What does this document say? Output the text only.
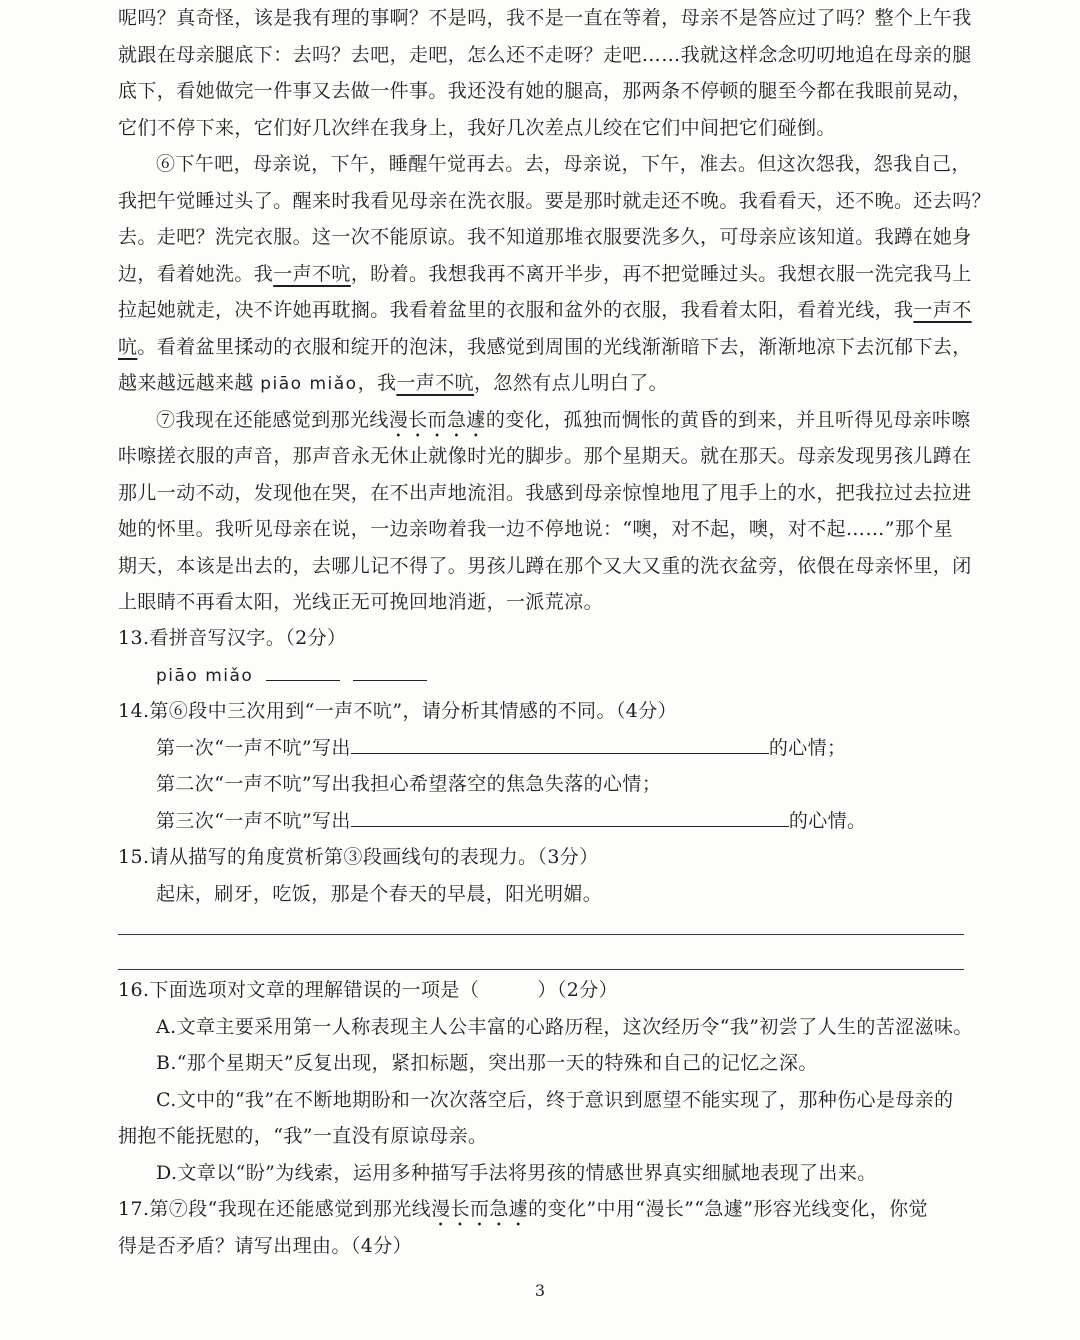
呢吗？真奇怪，该是我有理的事啊？不是吗，我不是一直在等着，母亲不是答应过了吗？整个上午我
就跟在母亲腿底下：去吗？去吧，走吧，怎么还不走呀？走吧……我就这样念念叨叨地追在母亲的腿
底下，看她做完一件事又去做一件事。我还没有她的腿高，那两条不停顿的腿至今都在我眼前晃动，
它们不停下来，它们好几次绊在我身上，我好几次差点儿绞在它们中间把它们碰倒。
⑥下午吧，母亲说，下午，睡醒午觉再去。去，母亲说，下午，准去。但这次怨我，怨我自己，
我把午觉睡过头了。醒来时我看见母亲在洗衣服。要是那时就走还不晚。我看看天，还不晚。还去吗？
去。走吧？洗完衣服。这一次不能原谅。我不知道那堆衣服要洗多久，可母亲应该知道。我蹲在她身
边，看着她洗。我一声不吭，盼着。我想我再不离开半步，再不把觉睡过头。我想衣服一洗完我马上
拉起她就走，决不许她再耽搁。我看着盆里的衣服和盆外的衣服，我看着太阳，看着光线，我一声不
吭。看着盆里揉动的衣服和绽开的泡沫，我感觉到周围的光线渐渐暗下去，渐渐地凉下去沉郁下去，
越来越远越来越 piāo miǎo，我一声不吭，忽然有点儿明白了。
⑦我现在还能感觉到那光线漫长而急遽的变化，孤独而惆怅的黄昏的到来，并且听得见母亲咔嚓
咔嚓搓衣服的声音，那声音永无休止就像时光的脚步。那个星期天。就在那天。母亲发现男孩儿蹲在
那儿一动不动，发现他在哭，在不出声地流泪。我感到母亲惊惶地甩了甩手上的水，把我拉过去拉进
她的怀里。我听见母亲在说，一边亲吻着我一边不停地说：“噢，对不起，噢，对不起……”那个星
期天，本该是出去的，去哪儿记不得了。男孩儿蹲在那个又大又重的洗衣盆旁，依偎在母亲怀里，闭
上眼睛不再看太阳，光线正无可挽回地消逝，一派荒凉。
13.看拼音写汉字。（2分）
piāo miǎo
14.第⑥段中三次用到“一声不吭”，请分析其情感的不同。（4分）
第一次“一声不吭”写出	的心情；
第二次“一声不吭”写出我担心希望落空的焦急失落的心情；
第三次“一声不吭”写出	的心情。
15.请从描写的角度赏析第③段画线句的表现力。（3分）
起床，刷牙，吃饭，那是个春天的早晨，阳光明媚。
16.下面选项对文章的理解错误的一项是（　　　）（2分）
A.文章主要采用第一人称表现主人公丰富的心路历程，这次经历令“我”初尝了人生的苦涩滋味。
B.“那个星期天”反复出现，紧扣标题，突出那一天的特殊和自己的记忆之深。
C.文中的“我”在不断地期盼和一次次落空后，终于意识到愿望不能实现了，那种伤心是母亲的
拥抱不能抚慰的，“我”一直没有原谅母亲。
D.文章以“盼”为线索，运用多种描写手法将男孩的情感世界真实细腻地表现了出来。
17.第⑦段“我现在还能感觉到那光线漫长而急遽的变化”中用“漫长”“急遽”形容光线变化，你觉
得是否矛盾？请写出理由。（4分）
3
